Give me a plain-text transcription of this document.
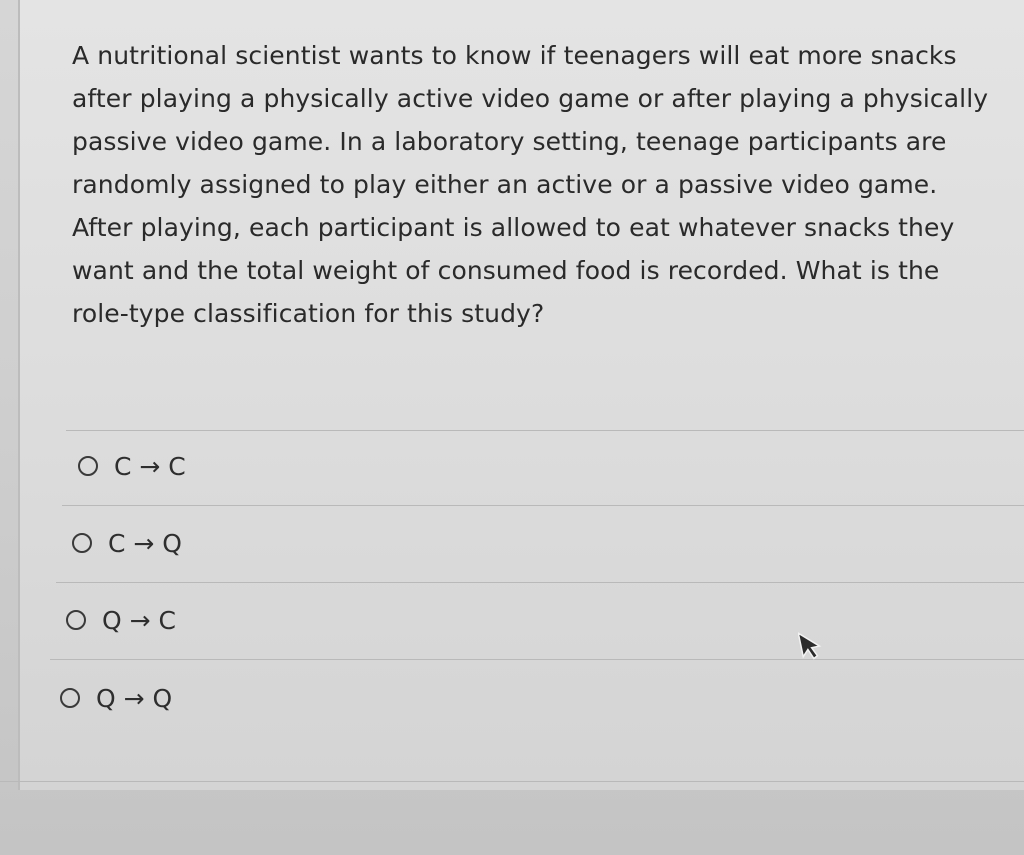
A nutritional scientist wants to know if teenagers will eat more snacks after playing a physically active video game or after playing a physically passive video game. In a laboratory setting, teenage participants are randomly assigned to play either an active or a passive video game. After playing, each participant is allowed to eat whatever snacks they want and the total weight of consumed food is recorded. What is the role-type classification for this study?

C → C
C → Q
Q → C
Q → Q
